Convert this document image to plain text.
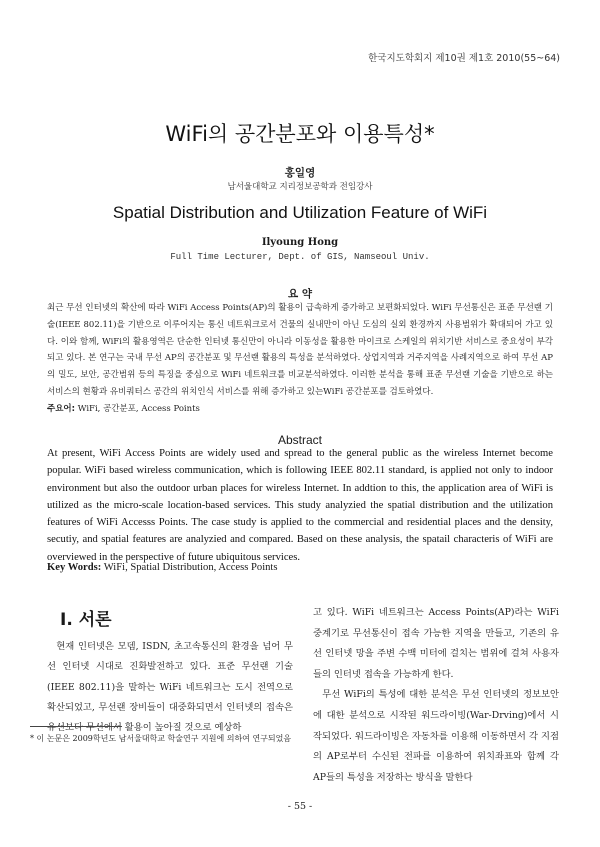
한국지도학회지 제10권 제1호 2010(55~64)
WiFi의 공간분포와 이용특성*
홍일영
남서울대학교 지리정보공학과 전임강사
Spatial Distribution and Utilization Feature of WiFi
Ilyoung Hong
Full Time Lecturer, Dept. of GIS, Namseoul Univ.
요 약
최근 무선 인터넷의 확산에 따라 WiFi Access Points(AP)의 활용이 급속하게 증가하고 보편화되었다. WiFi 무선통신은 표준 무선랜 기술(IEEE 802.11)을 기반으로 이루어지는 통신 네트워크로서 건물의 실내만이 아닌 도심의 실외 환경까지 사용범위가 확대되어 가고 있다. 이와 함께, WiFi의 활용영역은 단순한 인터넷 통신만이 아니라 이동성을 활용한 마이크로 스케일의 위치기반 서비스로 중요성이 부각되고 있다. 본 연구는 국내 무선 AP의 공간분포 및 무선랜 활용의 특성을 분석하였다. 상업지역과 거주지역을 사례지역으로 하여 무선 AP의 밀도, 보안, 공간범위 등의 특징을 중심으로 WiFi 네트워크를 비교분석하였다. 이러한 분석을 통해 표준 무선랜 기술을 기반으로 하는 서비스의 현황과 유비쿼터스 공간의 위치인식 서비스를 위해 증가하고 있는WiFi 공간분포를 검토하였다.
주요어: WiFi, 공간분포, Access Points
Abstract
At present, WiFi Access Points are widely used and spread to the general public as the wireless Internet become popular. WiFi based wireless communication, which is following IEEE 802.11 standard, is applied not only to indoor environment but also the outdoor urban places for wireless Internet. In addtion to this, the application area of WiFi is utilized as the micro-scale location-based services. This study analyzied the spatial distribution and the utilization features of WiFi Accesss Points. The case study is applied to the commercial and residential places and the density, secutiy, and spatial features are analyzied and compared. Based on these analysis, the spatail characteris of WiFi are overviewed in the perspective of future ubiquitous services.
Key Words: WiFi, Spatial Distribution, Access Points
I. 서론

현재 인터넷은 모뎀, ISDN, 초고속통신의 환경을 넘어 무선 인터넷 시대로 진화발전하고 있다. 표준 무선랜 기술(IEEE 802.11)을 말하는 WiFi 네트워크는 도시 전역으로 확산되었고, 무선랜 장비들이 대중화되면서 인터넷의 접속은 유선보다 무선에서 활용이 높아질 것으로 예상하

고 있다. WiFi 네트워크는 Access Points(AP)라는 WiFi 중계기로 무선통신이 접속 가능한 지역을 만들고, 기존의 유선 인터넷 망을 주변 수백 미터에 걸치는 범위에 걸쳐 사용자들의 인터넷 접속을 가능하게 한다.

무선 WiFi의 특성에 대한 분석은 무선 인터넷의 정보보안에 대한 분석으로 시작된 워드라이빙(War-Drving)에서 시작되었다. 워드라이빙은 자동차를 이용해 이동하면서 각 지점의 AP로부터 수신된 전파를 이용하여 위치좌표와 함께 각 AP들의 특성을 저장하는 방식을 말한다

* 이 논문은 2009학년도 남서울대학교 학술연구 지원에 의하여 연구되었음
- 55 -
